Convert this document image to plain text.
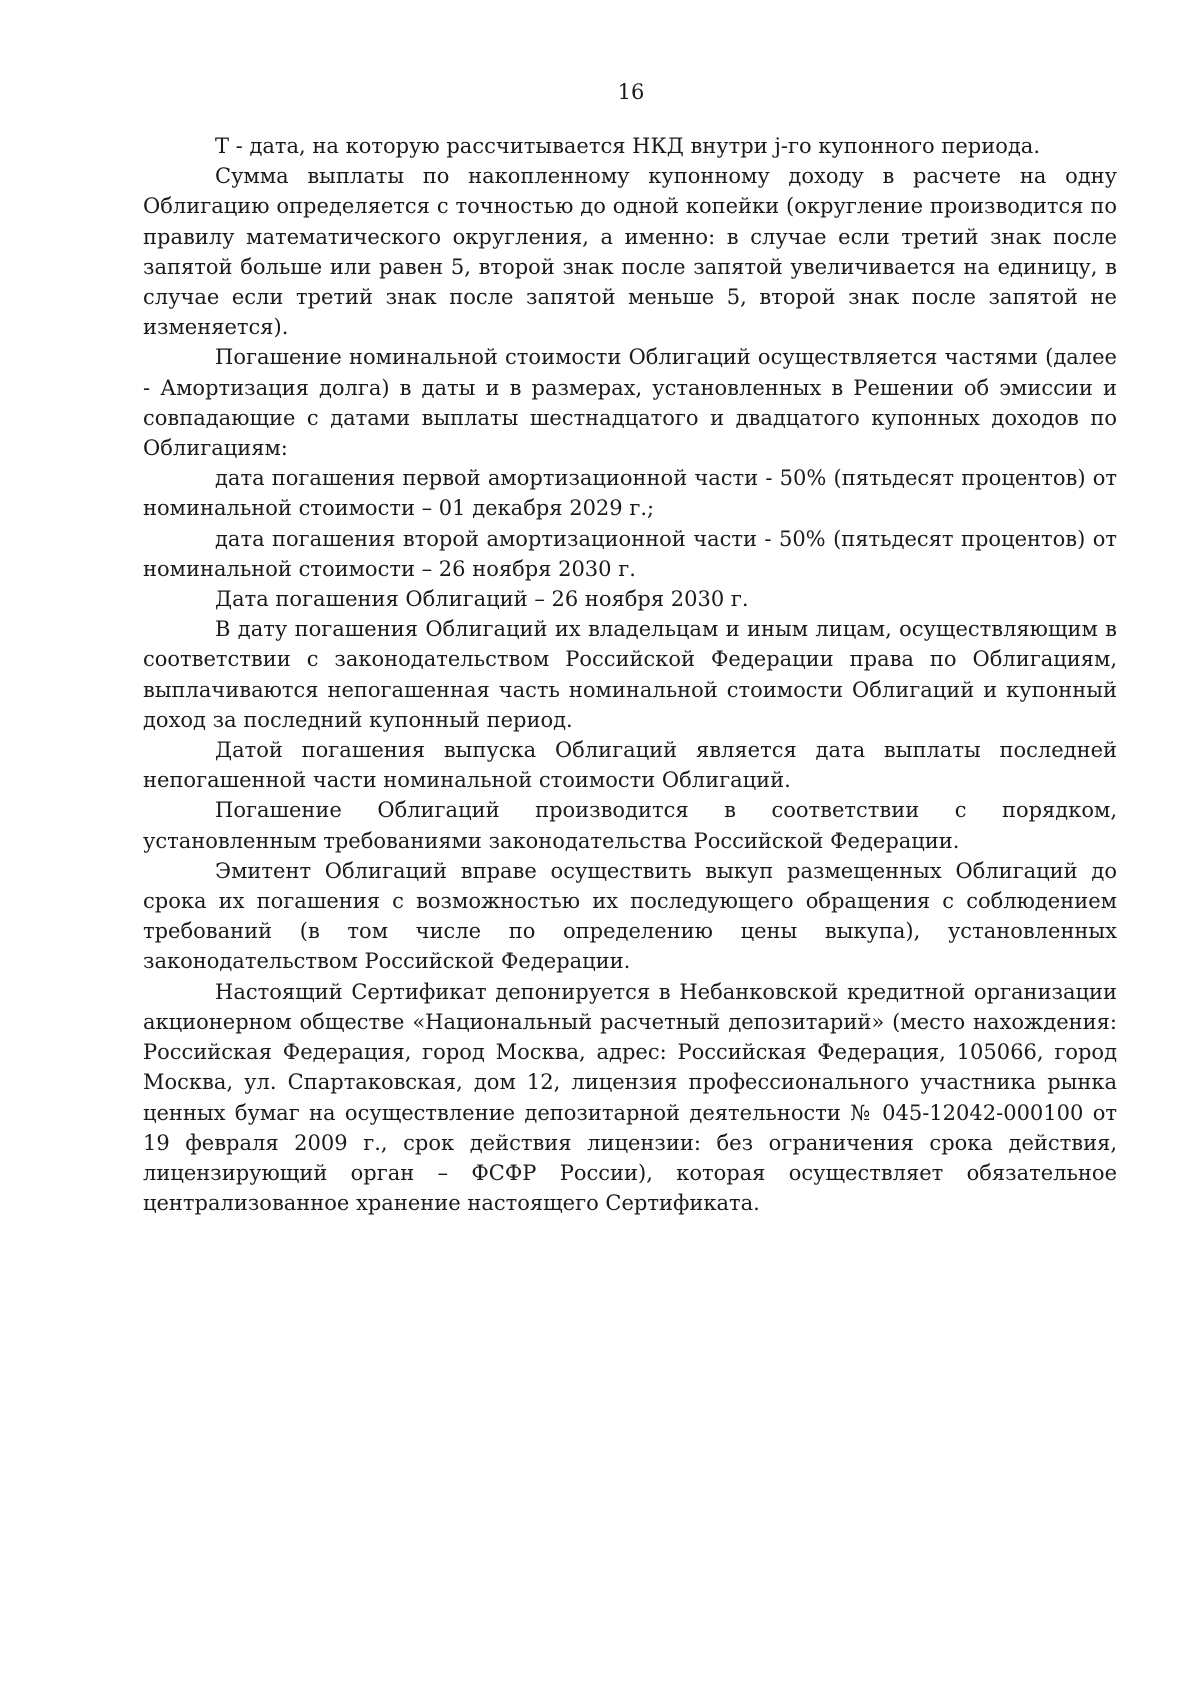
16

Т - дата, на которую рассчитывается НКД внутри j-го купонного периода.

Сумма выплаты по накопленному купонному доходу в расчете на одну Облигацию определяется с точностью до одной копейки (округление производится по правилу математического округления, а именно: в случае если третий знак после запятой больше или равен 5, второй знак после запятой увеличивается на единицу, в случае если третий знак после запятой меньше 5, второй знак после запятой не изменяется).

Погашение номинальной стоимости Облигаций осуществляется частями (далее - Амортизация долга) в даты и в размерах, установленных в Решении об эмиссии и совпадающие с датами выплаты шестнадцатого и двадцатого купонных доходов по Облигациям:

дата погашения первой амортизационной части - 50% (пятьдесят процентов) от номинальной стоимости – 01 декабря 2029 г.;

дата погашения второй амортизационной части - 50% (пятьдесят процентов) от номинальной стоимости – 26 ноября 2030 г.

Дата погашения Облигаций – 26 ноября 2030 г.

В дату погашения Облигаций их владельцам и иным лицам, осуществляющим в соответствии с законодательством Российской Федерации права по Облигациям, выплачиваются непогашенная часть номинальной стоимости Облигаций и купонный доход за последний купонный период.

Датой погашения выпуска Облигаций является дата выплаты последней непогашенной части номинальной стоимости Облигаций.

Погашение Облигаций производится в соответствии с порядком, установленным требованиями законодательства Российской Федерации.

Эмитент Облигаций вправе осуществить выкуп размещенных Облигаций до срока их погашения с возможностью их последующего обращения с соблюдением требований (в том числе по определению цены выкупа), установленных законодательством Российской Федерации.

Настоящий Сертификат депонируется в Небанковской кредитной организации акционерном обществе «Национальный расчетный депозитарий» (место нахождения: Российская Федерация, город Москва, адрес: Российская Федерация, 105066, город Москва, ул. Спартаковская, дом 12, лицензия профессионального участника рынка ценных бумаг на осуществление депозитарной деятельности № 045-12042-000100 от 19 февраля 2009 г., срок действия лицензии: без ограничения срока действия, лицензирующий орган – ФСФР России), которая осуществляет обязательное централизованное хранение настоящего Сертификата.
